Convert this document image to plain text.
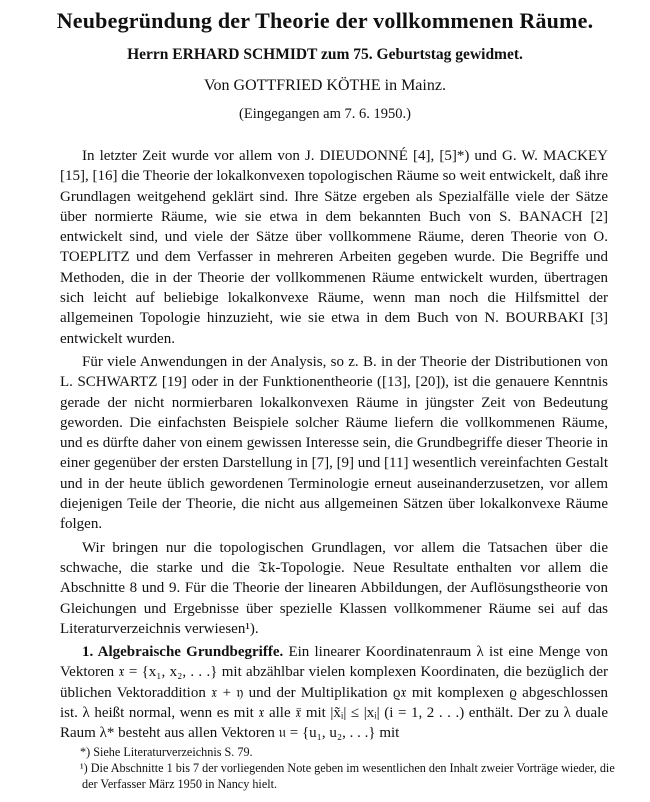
Neubegründung der Theorie der vollkommenen Räume.
Herrn ERHARD SCHMIDT zum 75. Geburtstag gewidmet.
Von GOTTFRIED KÖTHE in Mainz.
(Eingegangen am 7. 6. 1950.)

In letzter Zeit wurde vor allem von J. DIEUDONNÉ [4], [5]*) und G. W. MACKEY [15], [16] die Theorie der lokalkonvexen topologischen Räume so weit entwickelt, daß ihre Grundlagen weitgehend geklärt sind. Ihre Sätze ergeben als Spezialfälle viele der Sätze über normierte Räume, wie sie etwa in dem bekannten Buch von S. BANACH [2] entwickelt sind, und viele der Sätze über vollkommene Räume, deren Theorie von O. TOEPLITZ und dem Verfasser in mehreren Arbeiten gegeben wurde. Die Begriffe und Methoden, die in der Theorie der vollkommenen Räume entwickelt wurden, übertragen sich leicht auf beliebige lokalkonvexe Räume, wenn man noch die Hilfsmittel der allgemeinen Topologie hinzuzieht, wie sie etwa in dem Buch von N. BOURBAKI [3] entwickelt wurden.

Für viele Anwendungen in der Analysis, so z. B. in der Theorie der Distributionen von L. SCHWARTZ [19] oder in der Funktionentheorie ([13], [20]), ist die genauere Kenntnis gerade der nicht normierbaren lokalkonvexen Räume in jüngster Zeit von Bedeutung geworden. Die einfachsten Beispiele solcher Räume liefern die vollkommenen Räume, und es dürfte daher von einem gewissen Interesse sein, die Grundbegriffe dieser Theorie in einer gegenüber der ersten Darstellung in [7], [9] und [11] wesentlich vereinfachten Gestalt und in der heute üblich gewordenen Terminologie erneut auseinanderzusetzen, vor allem diejenigen Teile der Theorie, die nicht aus allgemeinen Sätzen über lokalkonvexe Räume folgen.

Wir bringen nur die topologischen Grundlagen, vor allem die Tatsachen über die schwache, die starke und die 𝔗k-Topologie. Neue Resultate enthalten vor allem die Abschnitte 8 und 9. Für die Theorie der linearen Abbildungen, der Auflösungstheorie von Gleichungen und Ergebnisse über spezielle Klassen vollkommener Räume sei auf das Literaturverzeichnis verwiesen¹).

1. Algebraische Grundbegriffe. Ein linearer Koordinatenraum λ ist eine Menge von Vektoren 𝔵 = {x₁, x₂, . . .} mit abzählbar vielen komplexen Koordinaten, die bezüglich der üblichen Vektoraddition 𝔵 + 𝔶 und der Multiplikation ϱ𝔵 mit komplexen ϱ abgeschlossen ist. λ heißt normal, wenn es mit 𝔵 alle 𝔵̃ mit |x̃ᵢ| ≤ |xᵢ| (i = 1, 2 . . .) enthält. Der zu λ duale Raum λ* besteht aus allen Vektoren 𝔲 = {u₁, u₂, . . .} mit

*) Siehe Literaturverzeichnis S. 79.

¹) Die Abschnitte 1 bis 7 der vorliegenden Note geben im wesentlichen den Inhalt zweier Vorträge wieder, die der Verfasser März 1950 in Nancy hielt.
